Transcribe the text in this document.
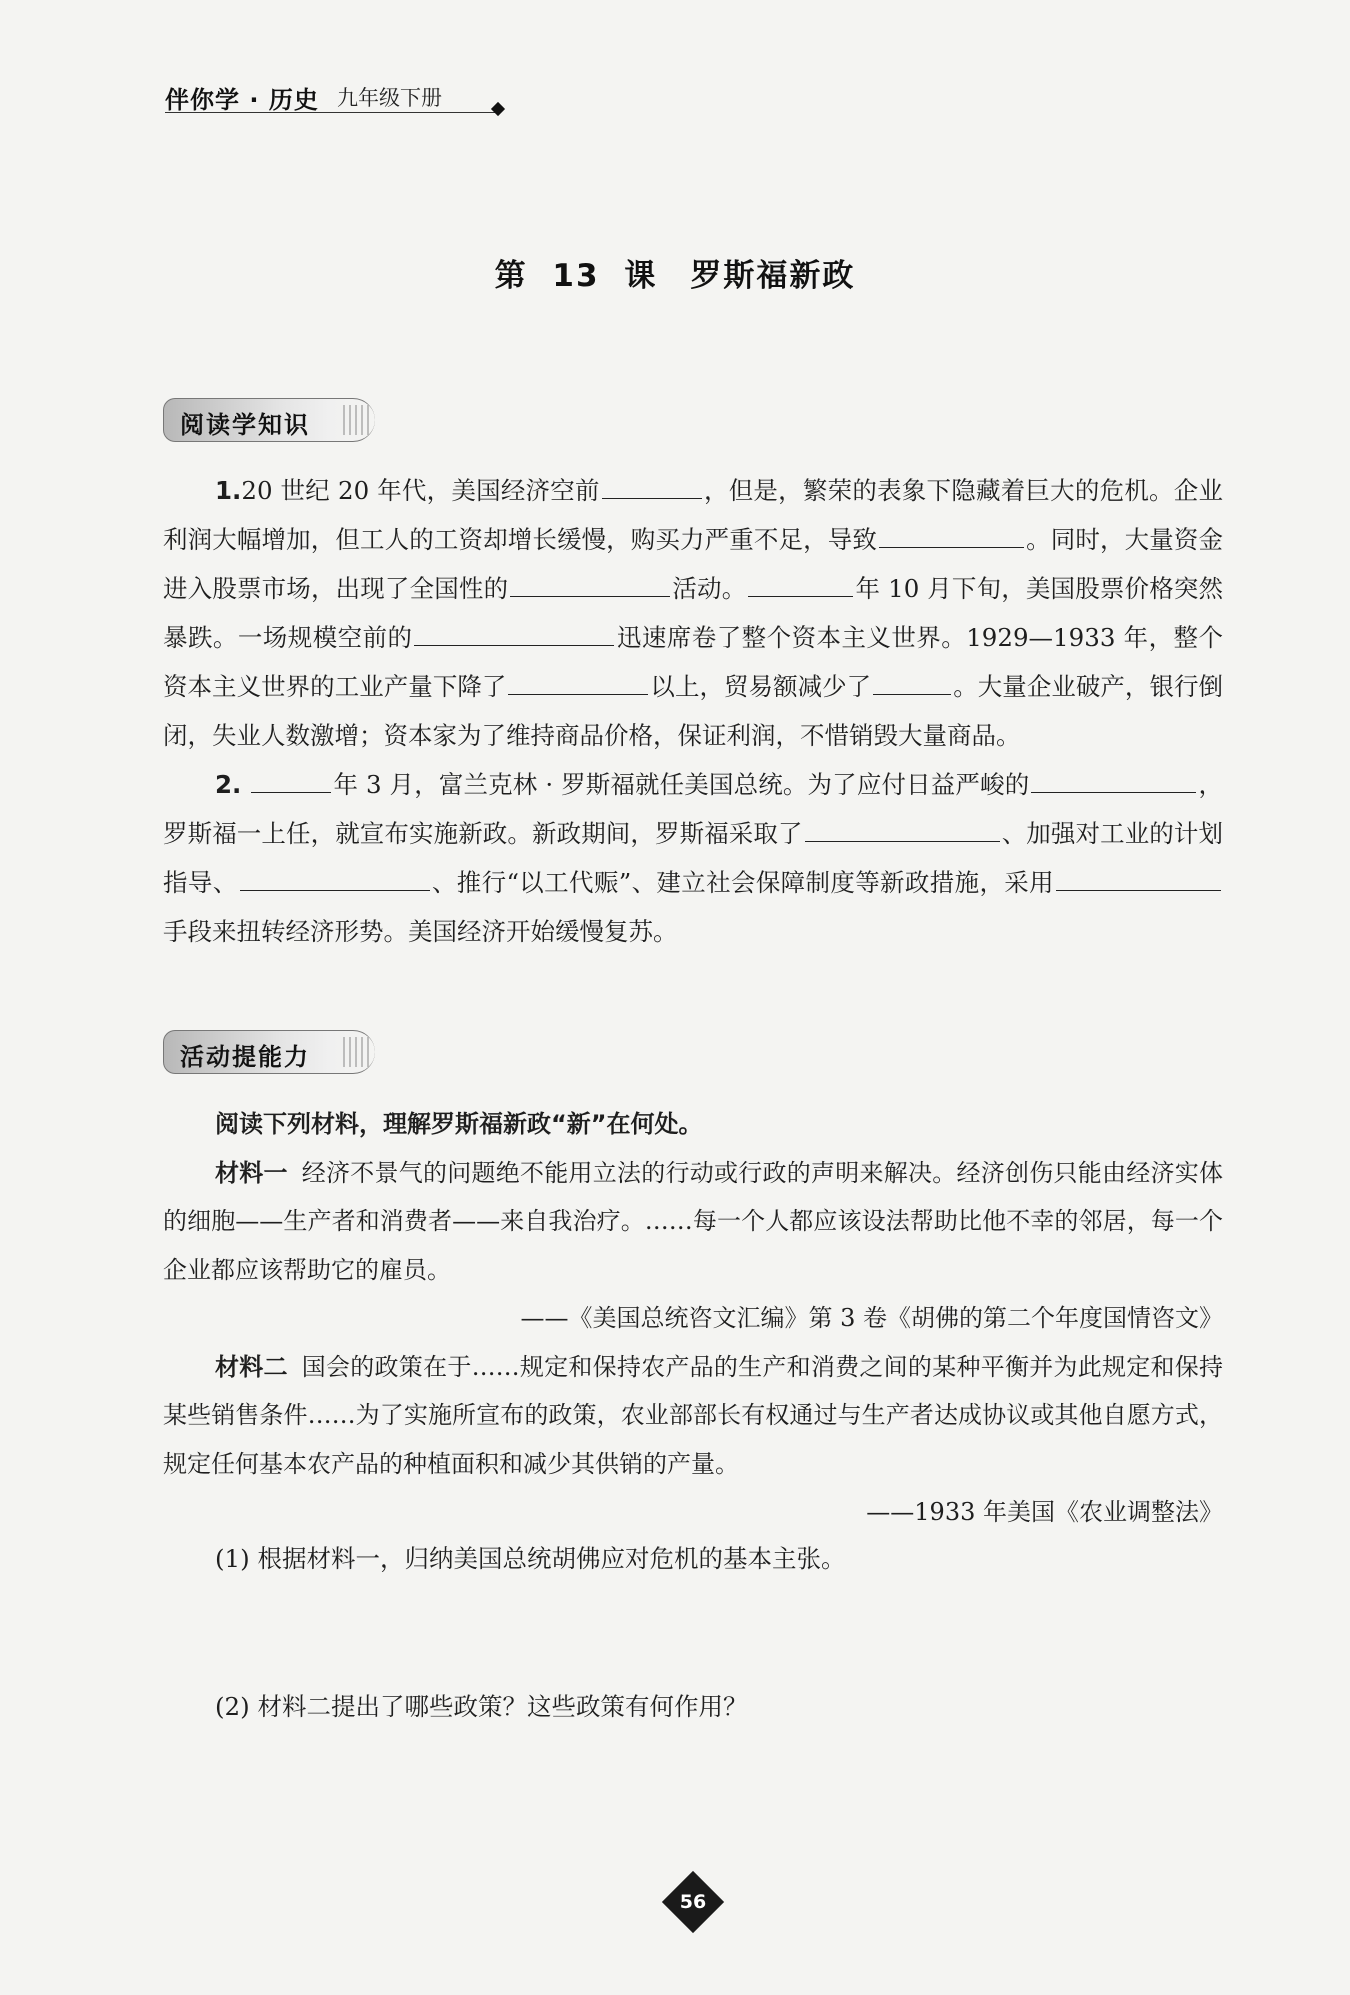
伴你学 · 历史 九年级下册
第 13 课　罗斯福新政
阅读学知识

1.20 世纪 20 年代，美国经济空前	，但是，繁荣的表象下隐藏着巨大的危机。企业利润大幅增加，但工人的工资却增长缓慢，购买力严重不足，导致	。同时，大量资金进入股票市场，出现了全国性的	活动。	年 10 月下旬，美国股票价格突然暴跌。一场规模空前的	迅速席卷了整个资本主义世界。1929—1933 年，整个资本主义世界的工业产量下降了	以上，贸易额减少了	。大量企业破产，银行倒闭，失业人数激增；资本家为了维持商品价格，保证利润，不惜销毁大量商品。

2.	年 3 月，富兰克林 · 罗斯福就任美国总统。为了应付日益严峻的	，罗斯福一上任，就宣布实施新政。新政期间，罗斯福采取了	、加强对工业的计划指导、	、推行“以工代赈”、建立社会保障制度等新政措施，采用手段来扭转经济形势。美国经济开始缓慢复苏。

活动提能力

阅读下列材料，理解罗斯福新政“新”在何处。

材料一 经济不景气的问题绝不能用立法的行动或行政的声明来解决。经济创伤只能由经济实体的细胞——生产者和消费者——来自我治疗。……每一个人都应该设法帮助比他不幸的邻居，每一个企业都应该帮助它的雇员。

——《美国总统咨文汇编》第 3 卷《胡佛的第二个年度国情咨文》

材料二 国会的政策在于……规定和保持农产品的生产和消费之间的某种平衡并为此规定和保持某些销售条件……为了实施所宣布的政策，农业部部长有权通过与生产者达成协议或其他自愿方式，规定任何基本农产品的种植面积和减少其供销的产量。

——1933 年美国《农业调整法》

(1) 根据材料一，归纳美国总统胡佛应对危机的基本主张。
(2) 材料二提出了哪些政策？这些政策有何作用？
56
